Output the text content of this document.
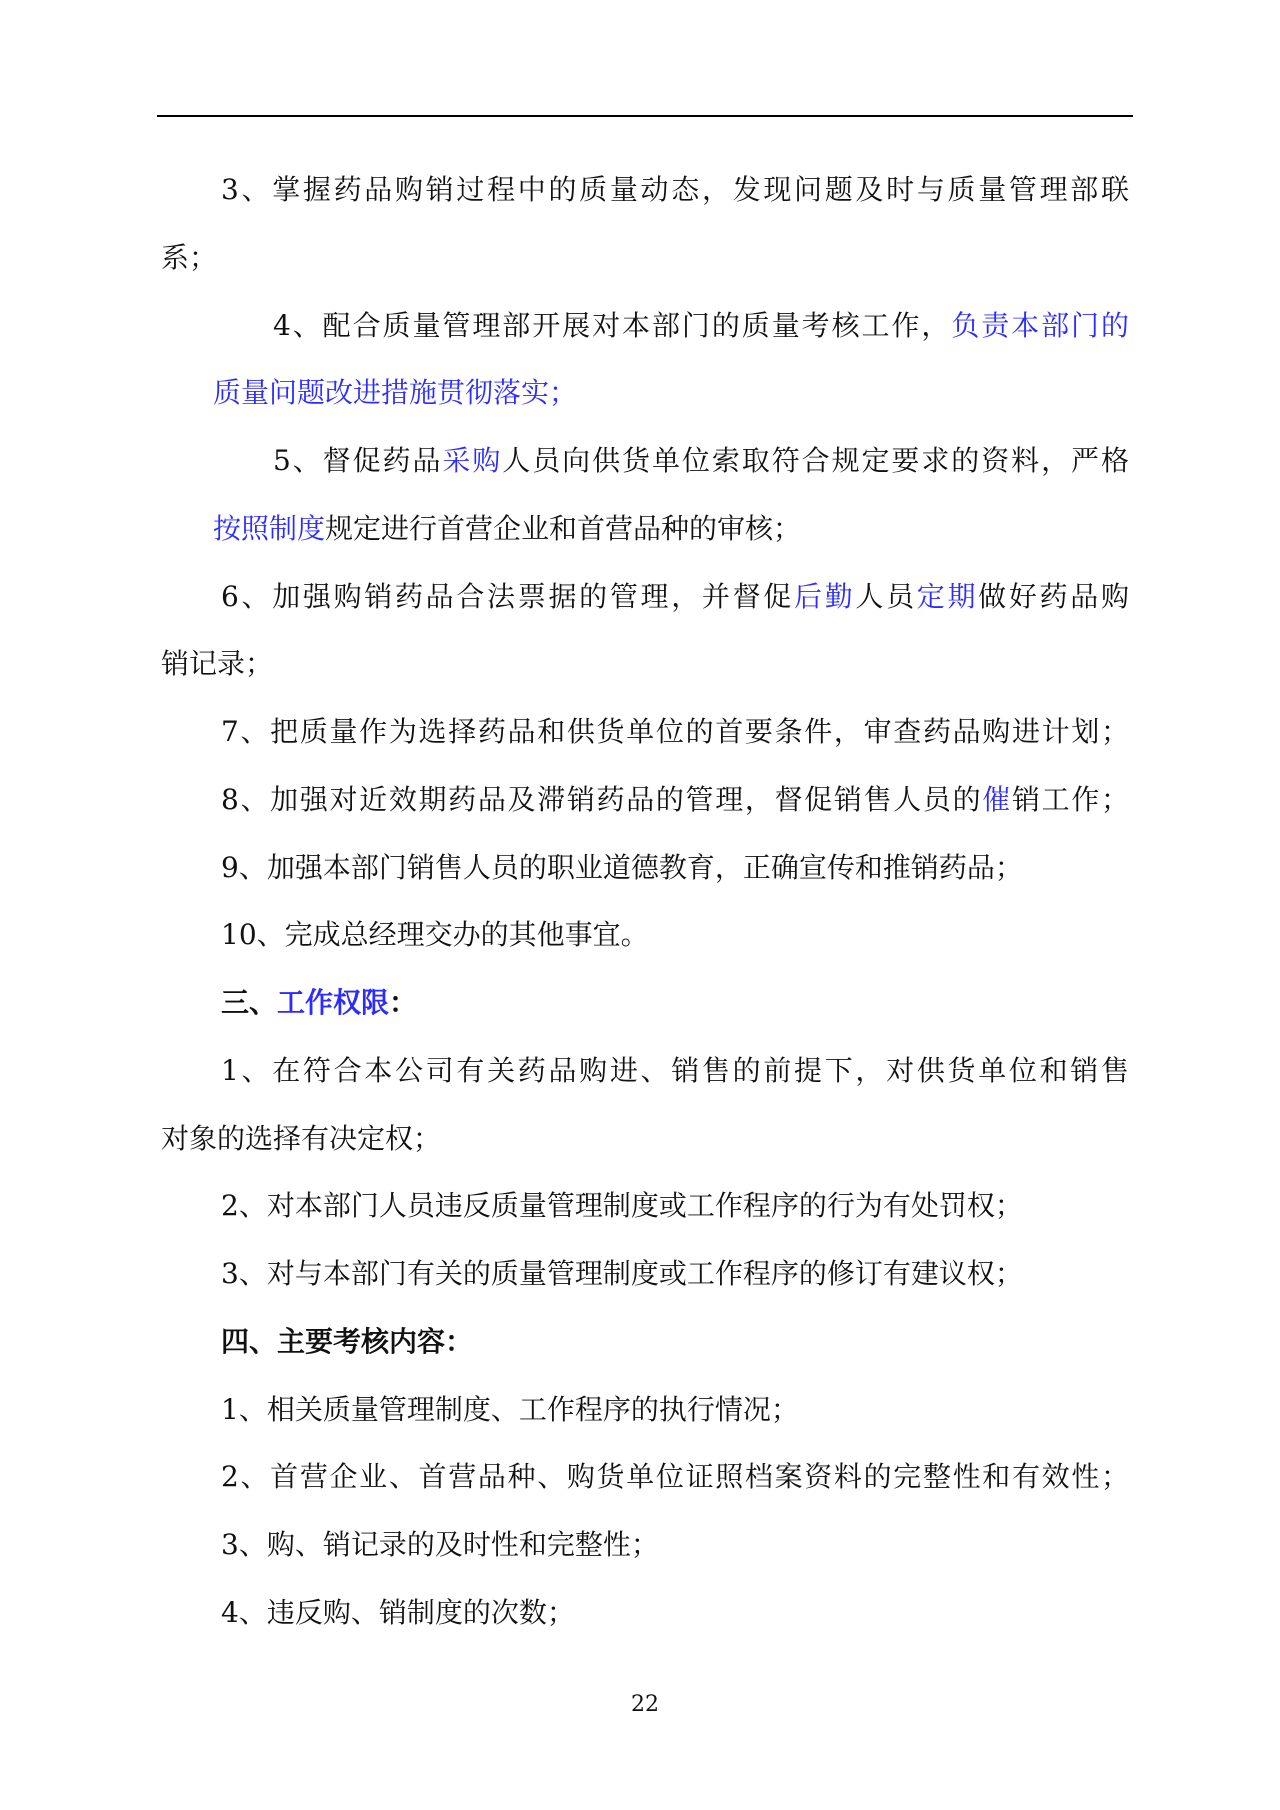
3、掌握药品购销过程中的质量动态，发现问题及时与质量管理部联
系；
4、配合质量管理部开展对本部门的质量考核工作，负责本部门的
质量问题改进措施贯彻落实；
5、督促药品采购人员向供货单位索取符合规定要求的资料，严格
按照制度规定进行首营企业和首营品种的审核；
6、加强购销药品合法票据的管理，并督促后勤人员定期做好药品购
销记录；
7、把质量作为选择药品和供货单位的首要条件，审查药品购进计划；
8、加强对近效期药品及滞销药品的管理，督促销售人员的催销工作；
9、加强本部门销售人员的职业道德教育，正确宣传和推销药品；
10、完成总经理交办的其他事宜。
三、工作权限：
1、在符合本公司有关药品购进、销售的前提下，对供货单位和销售
对象的选择有决定权；
2、对本部门人员违反质量管理制度或工作程序的行为有处罚权；
3、对与本部门有关的质量管理制度或工作程序的修订有建议权；
四、主要考核内容：
1、相关质量管理制度、工作程序的执行情况；
2、首营企业、首营品种、购货单位证照档案资料的完整性和有效性；
3、购、销记录的及时性和完整性；
4、违反购、销制度的次数；
22
